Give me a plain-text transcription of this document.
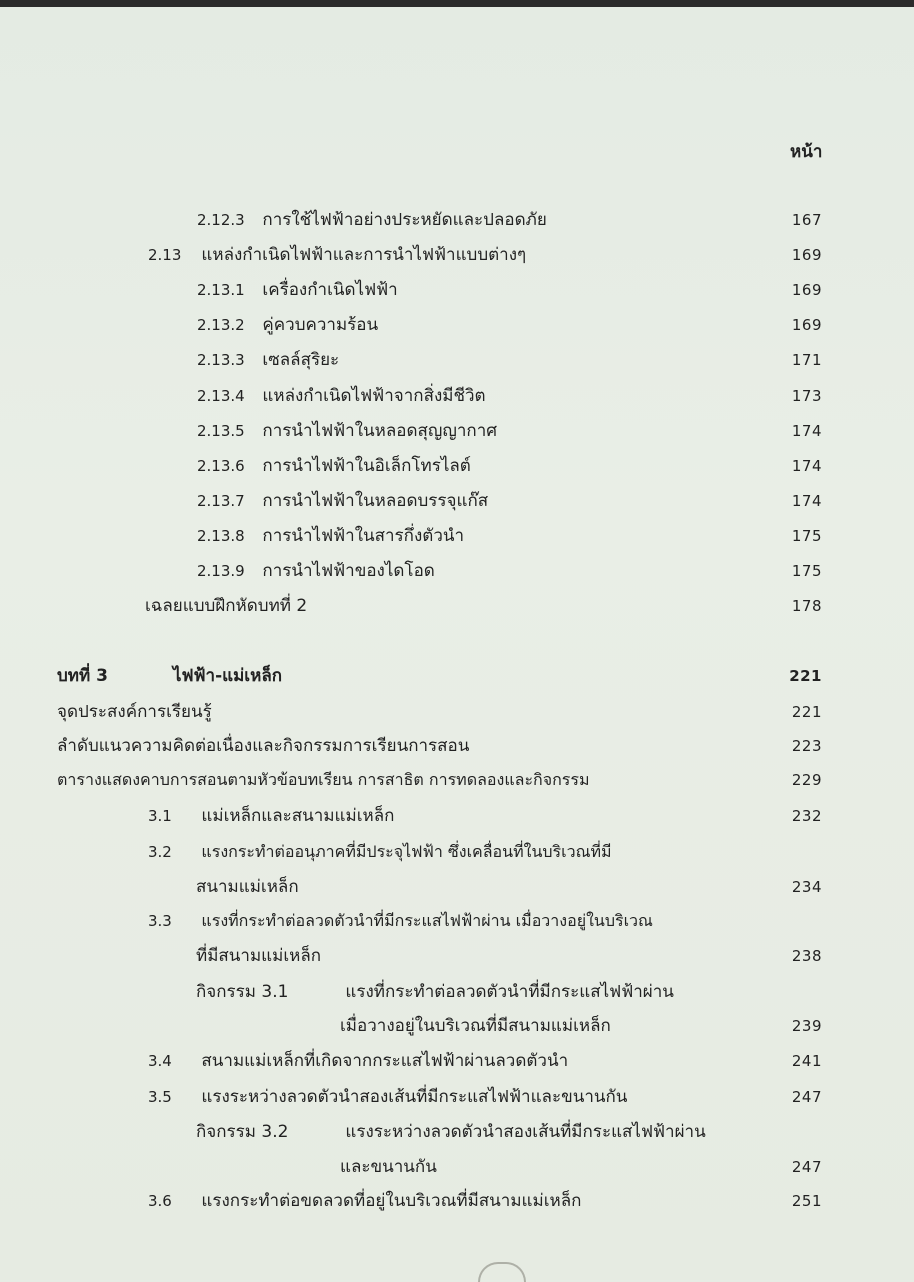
หน้า
2.12.3 การใช้ไฟฟ้าอย่างประหยัดและปลอดภัย	167
2.13 แหล่งกำเนิดไฟฟ้าและการนำไฟฟ้าแบบต่างๆ	169
2.13.1 เครื่องกำเนิดไฟฟ้า	169
2.13.2 คู่ควบความร้อน	169
2.13.3 เซลล์สุริยะ	171
2.13.4 แหล่งกำเนิดไฟฟ้าจากสิ่งมีชีวิต	173
2.13.5 การนำไฟฟ้าในหลอดสุญญากาศ	174
2.13.6 การนำไฟฟ้าในอิเล็กโทรไลต์	174
2.13.7 การนำไฟฟ้าในหลอดบรรจุแก๊ส	174
2.13.8 การนำไฟฟ้าในสารกึ่งตัวนำ	175
2.13.9 การนำไฟฟ้าของไดโอด	175
เฉลยแบบฝึกหัดบทที่ 2	178
บทที่ 3	ไฟฟ้า-แม่เหล็ก	221
จุดประสงค์การเรียนรู้	221
ลำดับแนวความคิดต่อเนื่องและกิจกรรมการเรียนการสอน	223
ตารางแสดงคาบการสอนตามหัวข้อบทเรียน การสาธิต การทดลองและกิจกรรม	229
3.1 แม่เหล็กและสนามแม่เหล็ก	232
3.2 แรงกระทำต่ออนุภาคที่มีประจุไฟฟ้า ซึ่งเคลื่อนที่ในบริเวณที่มี
สนามแม่เหล็ก	234
3.3 แรงที่กระทำต่อลวดตัวนำที่มีกระแสไฟฟ้าผ่าน เมื่อวางอยู่ในบริเวณ
ที่มีสนามแม่เหล็ก	238
กิจกรรม 3.1	แรงที่กระทำต่อลวดตัวนำที่มีกระแสไฟฟ้าผ่าน
เมื่อวางอยู่ในบริเวณที่มีสนามแม่เหล็ก	239
3.4 สนามแม่เหล็กที่เกิดจากกระแสไฟฟ้าผ่านลวดตัวนำ	241
3.5 แรงระหว่างลวดตัวนำสองเส้นที่มีกระแสไฟฟ้าและขนานกัน	247
กิจกรรม 3.2	แรงระหว่างลวดตัวนำสองเส้นที่มีกระแสไฟฟ้าผ่าน
และขนานกัน	247
3.6 แรงกระทำต่อขดลวดที่อยู่ในบริเวณที่มีสนามแม่เหล็ก	251
